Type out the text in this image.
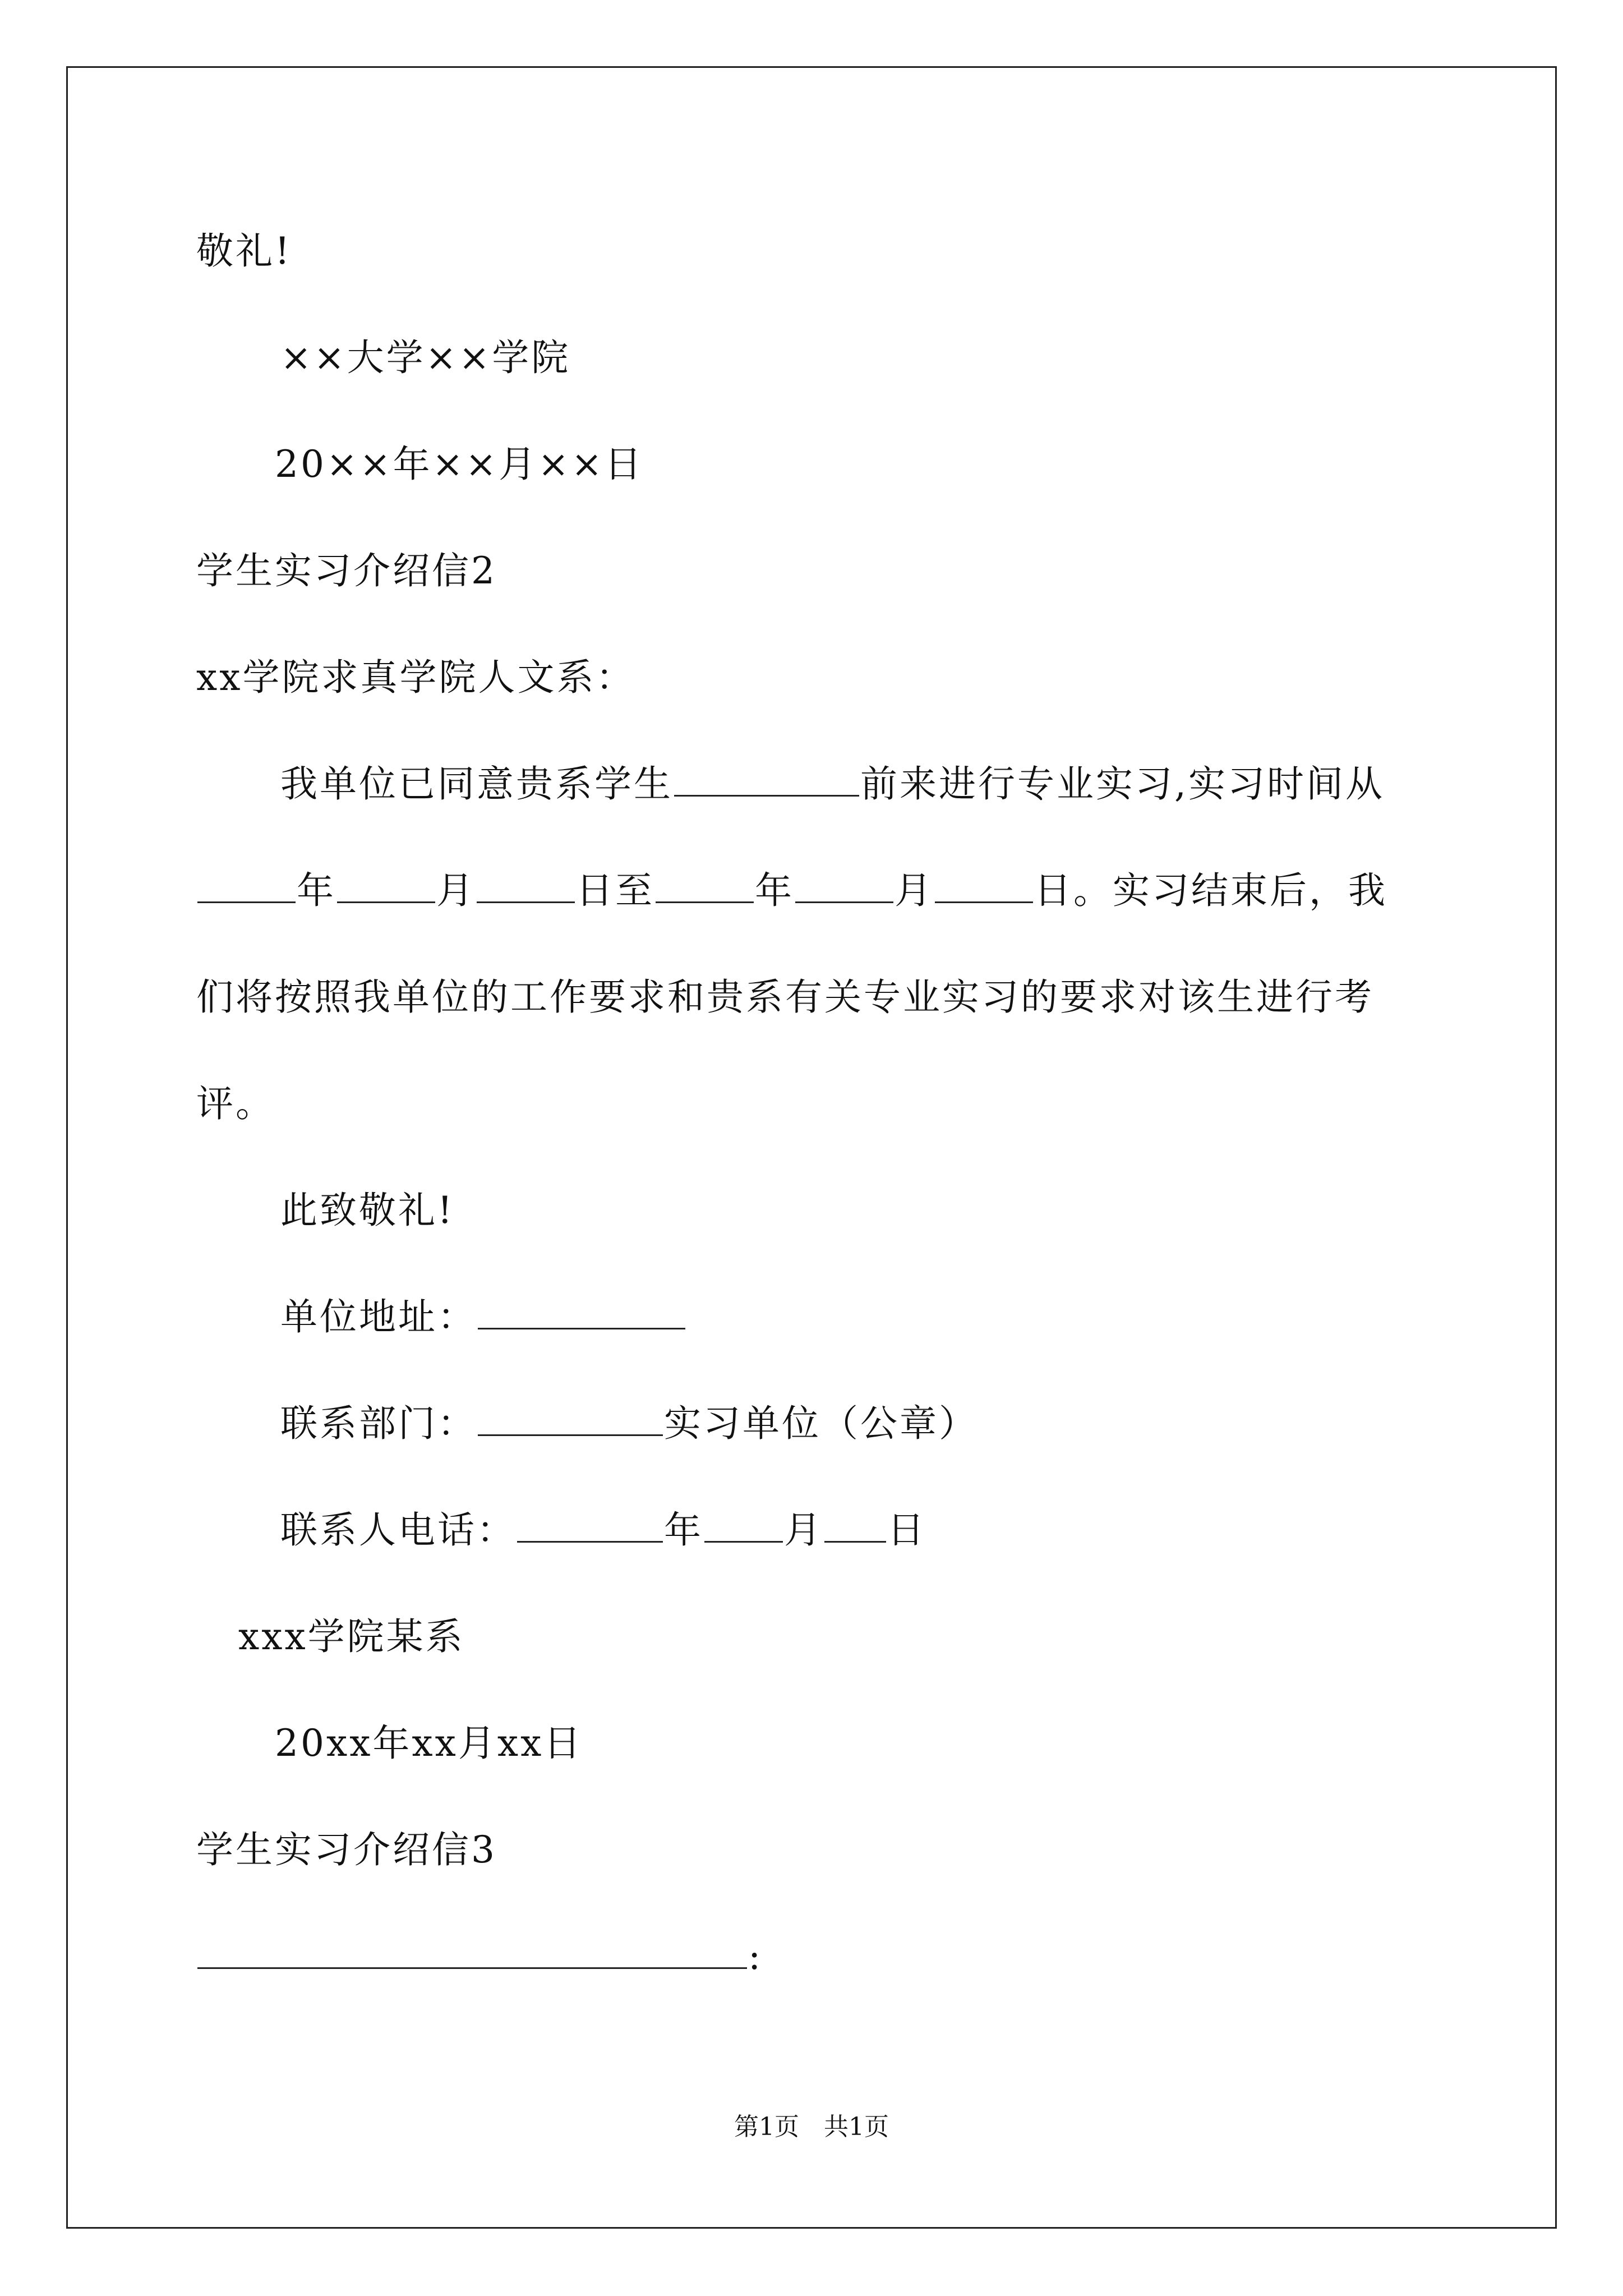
敬礼!
××大学××学院
20××年××月××日
学生实习介绍信2
xx学院求真学院人文系：
我单位已同意贵系学生	前来进行专业实习,实习时间从
年	月	日至	年	月	日。实习结束后，我
们将按照我单位的工作要求和贵系有关专业实习的要求对该生进行考
评。
此致敬礼!
单位地址：
联系部门：	实习单位（公章）
联系人电话：	年 月 日
xxx学院某系
20xx年xx月xx日
学生实习介绍信3
:
第1页　共1页
